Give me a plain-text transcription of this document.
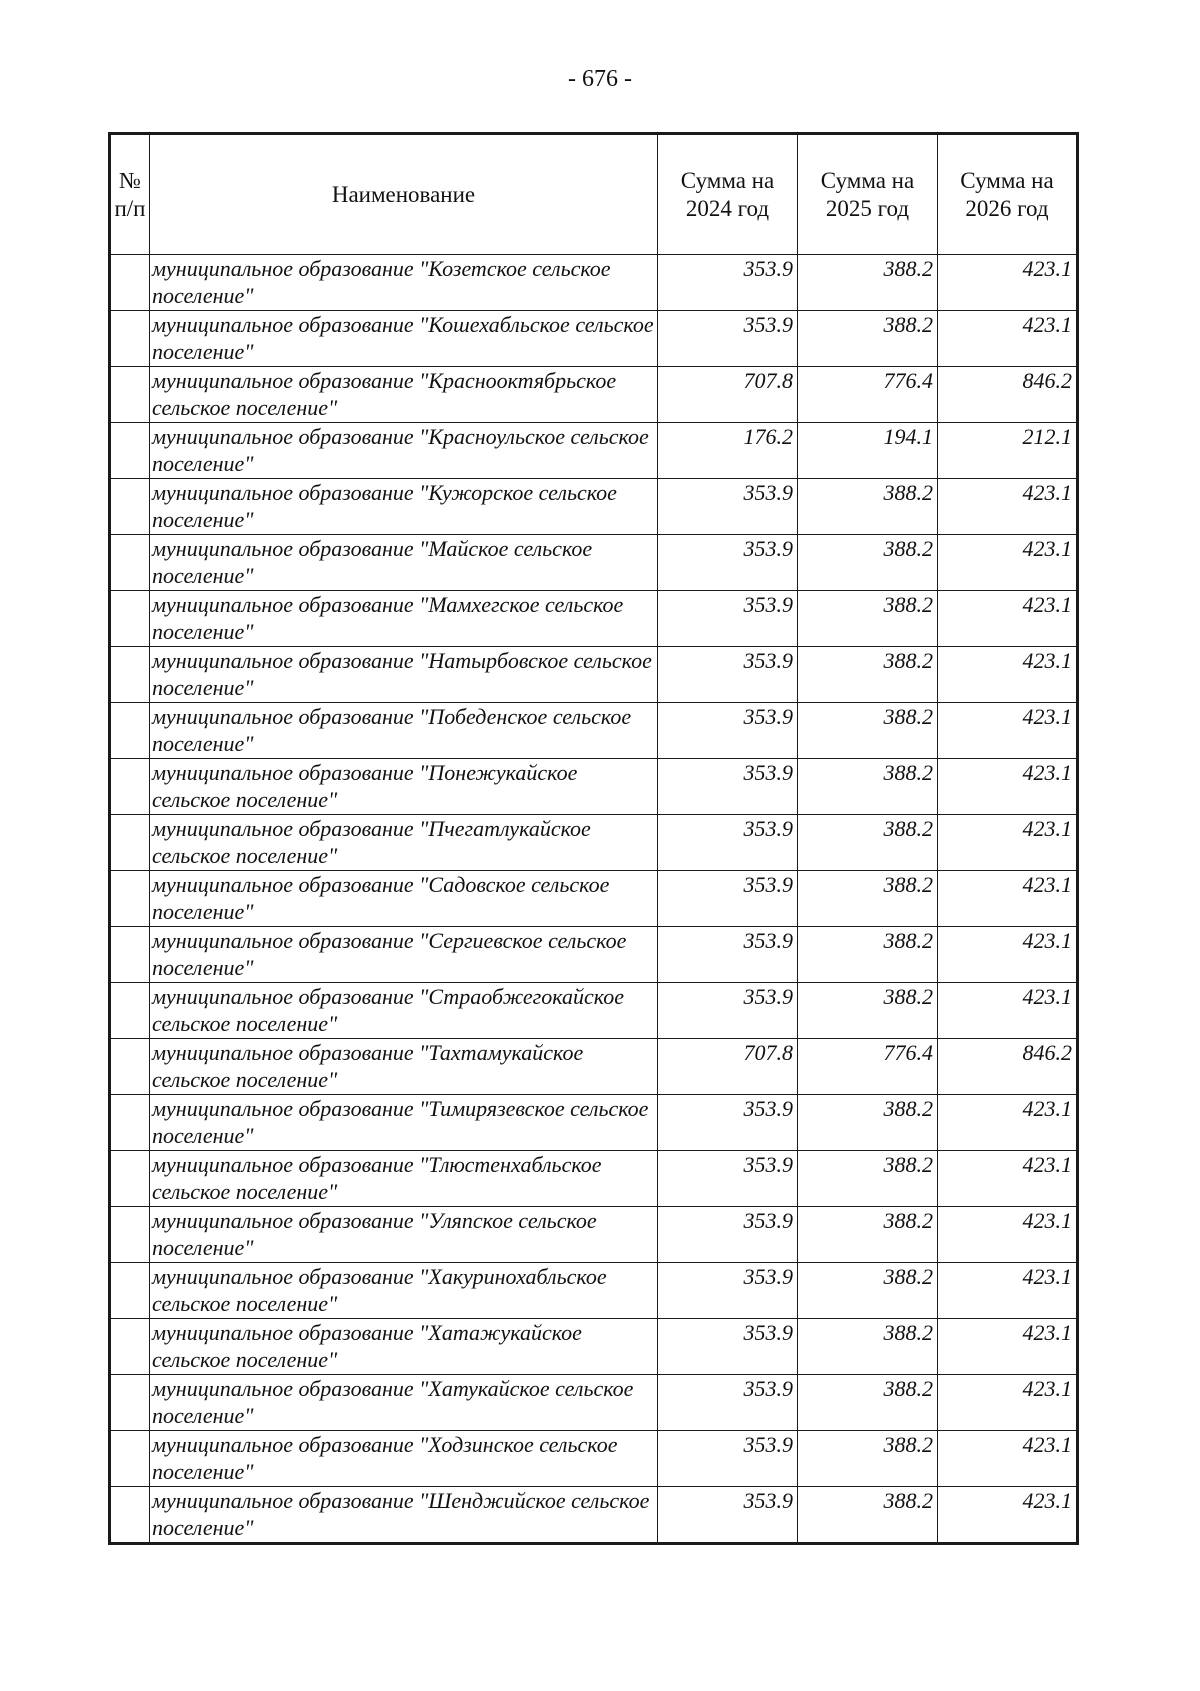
- 676 -
№ п/п	Наименование	Сумма на 2024 год	Сумма на 2025 год	Сумма на 2026 год
	муниципальное образование "Козетское сельское поселение"	353.9	388.2	423.1
	муниципальное образование "Кошехабльское сельское поселение"	353.9	388.2	423.1
	муниципальное образование "Краснооктябрьское сельское поселение"	707.8	776.4	846.2
	муниципальное образование "Красноульское сельское поселение"	176.2	194.1	212.1
	муниципальное образование "Кужорское сельское поселение"	353.9	388.2	423.1
	муниципальное образование "Майское сельское поселение"	353.9	388.2	423.1
	муниципальное образование "Мамхегское сельское поселение"	353.9	388.2	423.1
	муниципальное образование "Натырбовское сельское поселение"	353.9	388.2	423.1
	муниципальное образование "Победенское сельское поселение"	353.9	388.2	423.1
	муниципальное образование "Понежукайское сельское поселение"	353.9	388.2	423.1
	муниципальное образование "Пчегатлукайское сельское поселение"	353.9	388.2	423.1
	муниципальное образование "Садовское сельское поселение"	353.9	388.2	423.1
	муниципальное образование "Сергиевское сельское поселение"	353.9	388.2	423.1
	муниципальное образование "Страобжегокайское сельское поселение"	353.9	388.2	423.1
	муниципальное образование "Тахтамукайское сельское поселение"	707.8	776.4	846.2
	муниципальное образование "Тимирязевское сельское поселение"	353.9	388.2	423.1
	муниципальное образование "Тлюстенхабльское сельское поселение"	353.9	388.2	423.1
	муниципальное образование "Уляпское сельское поселение"	353.9	388.2	423.1
	муниципальное образование "Хакуринохабльское сельское поселение"	353.9	388.2	423.1
	муниципальное образование "Хатажукайское сельское поселение"	353.9	388.2	423.1
	муниципальное образование "Хатукайское сельское поселение"	353.9	388.2	423.1
	муниципальное образование "Ходзинское сельское поселение"	353.9	388.2	423.1
	муниципальное образование "Шенджийское сельское поселение"	353.9	388.2	423.1
